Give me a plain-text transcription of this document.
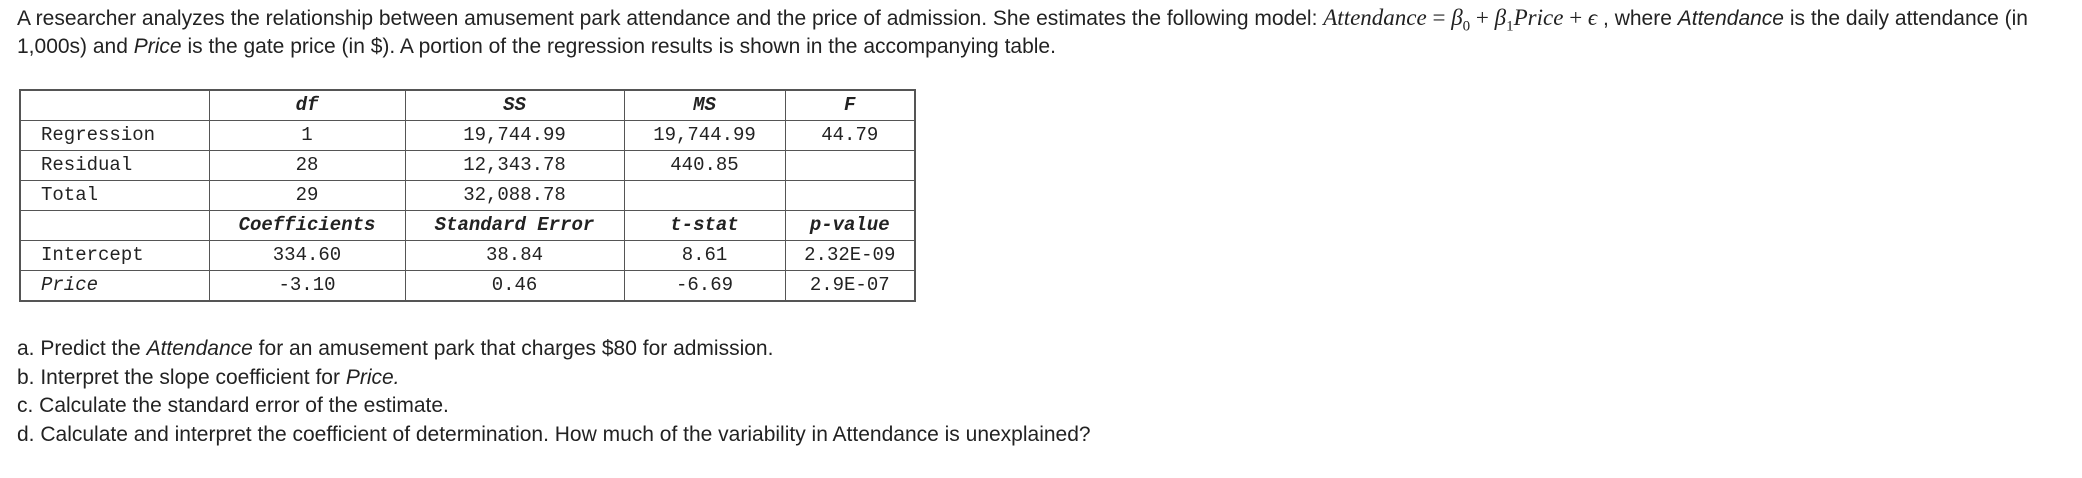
A researcher analyzes the relationship between amusement park attendance and the price of admission. She estimates the following model: Attendance = $\beta_0$ + $\beta_1Price + \epsilon$ , where Attendance is the daily attendance (in 1,000s) and Price is the gate price (in $). A portion of the regression results is shown in the accompanying table.

	df	SS	MS	F
Regression	1	19,744.99	19,744.99	44.79
Residual	28	12,343.78	440.85	
Total	29	32,088.78		
	Coefficients	Standard Error	t-stat	p-value
Intercept	334.60	38.84	8.61	2.32E-09
Price	-3.10	0.46	-6.69	2.9E-07
a. Predict the Attendance for an amusement park that charges $80 for admission.
b. Interpret the slope coefficient for Price.
c. Calculate the standard error of the estimate.
d. Calculate and interpret the coefficient of determination. How much of the variability in Attendance is unexplained?
